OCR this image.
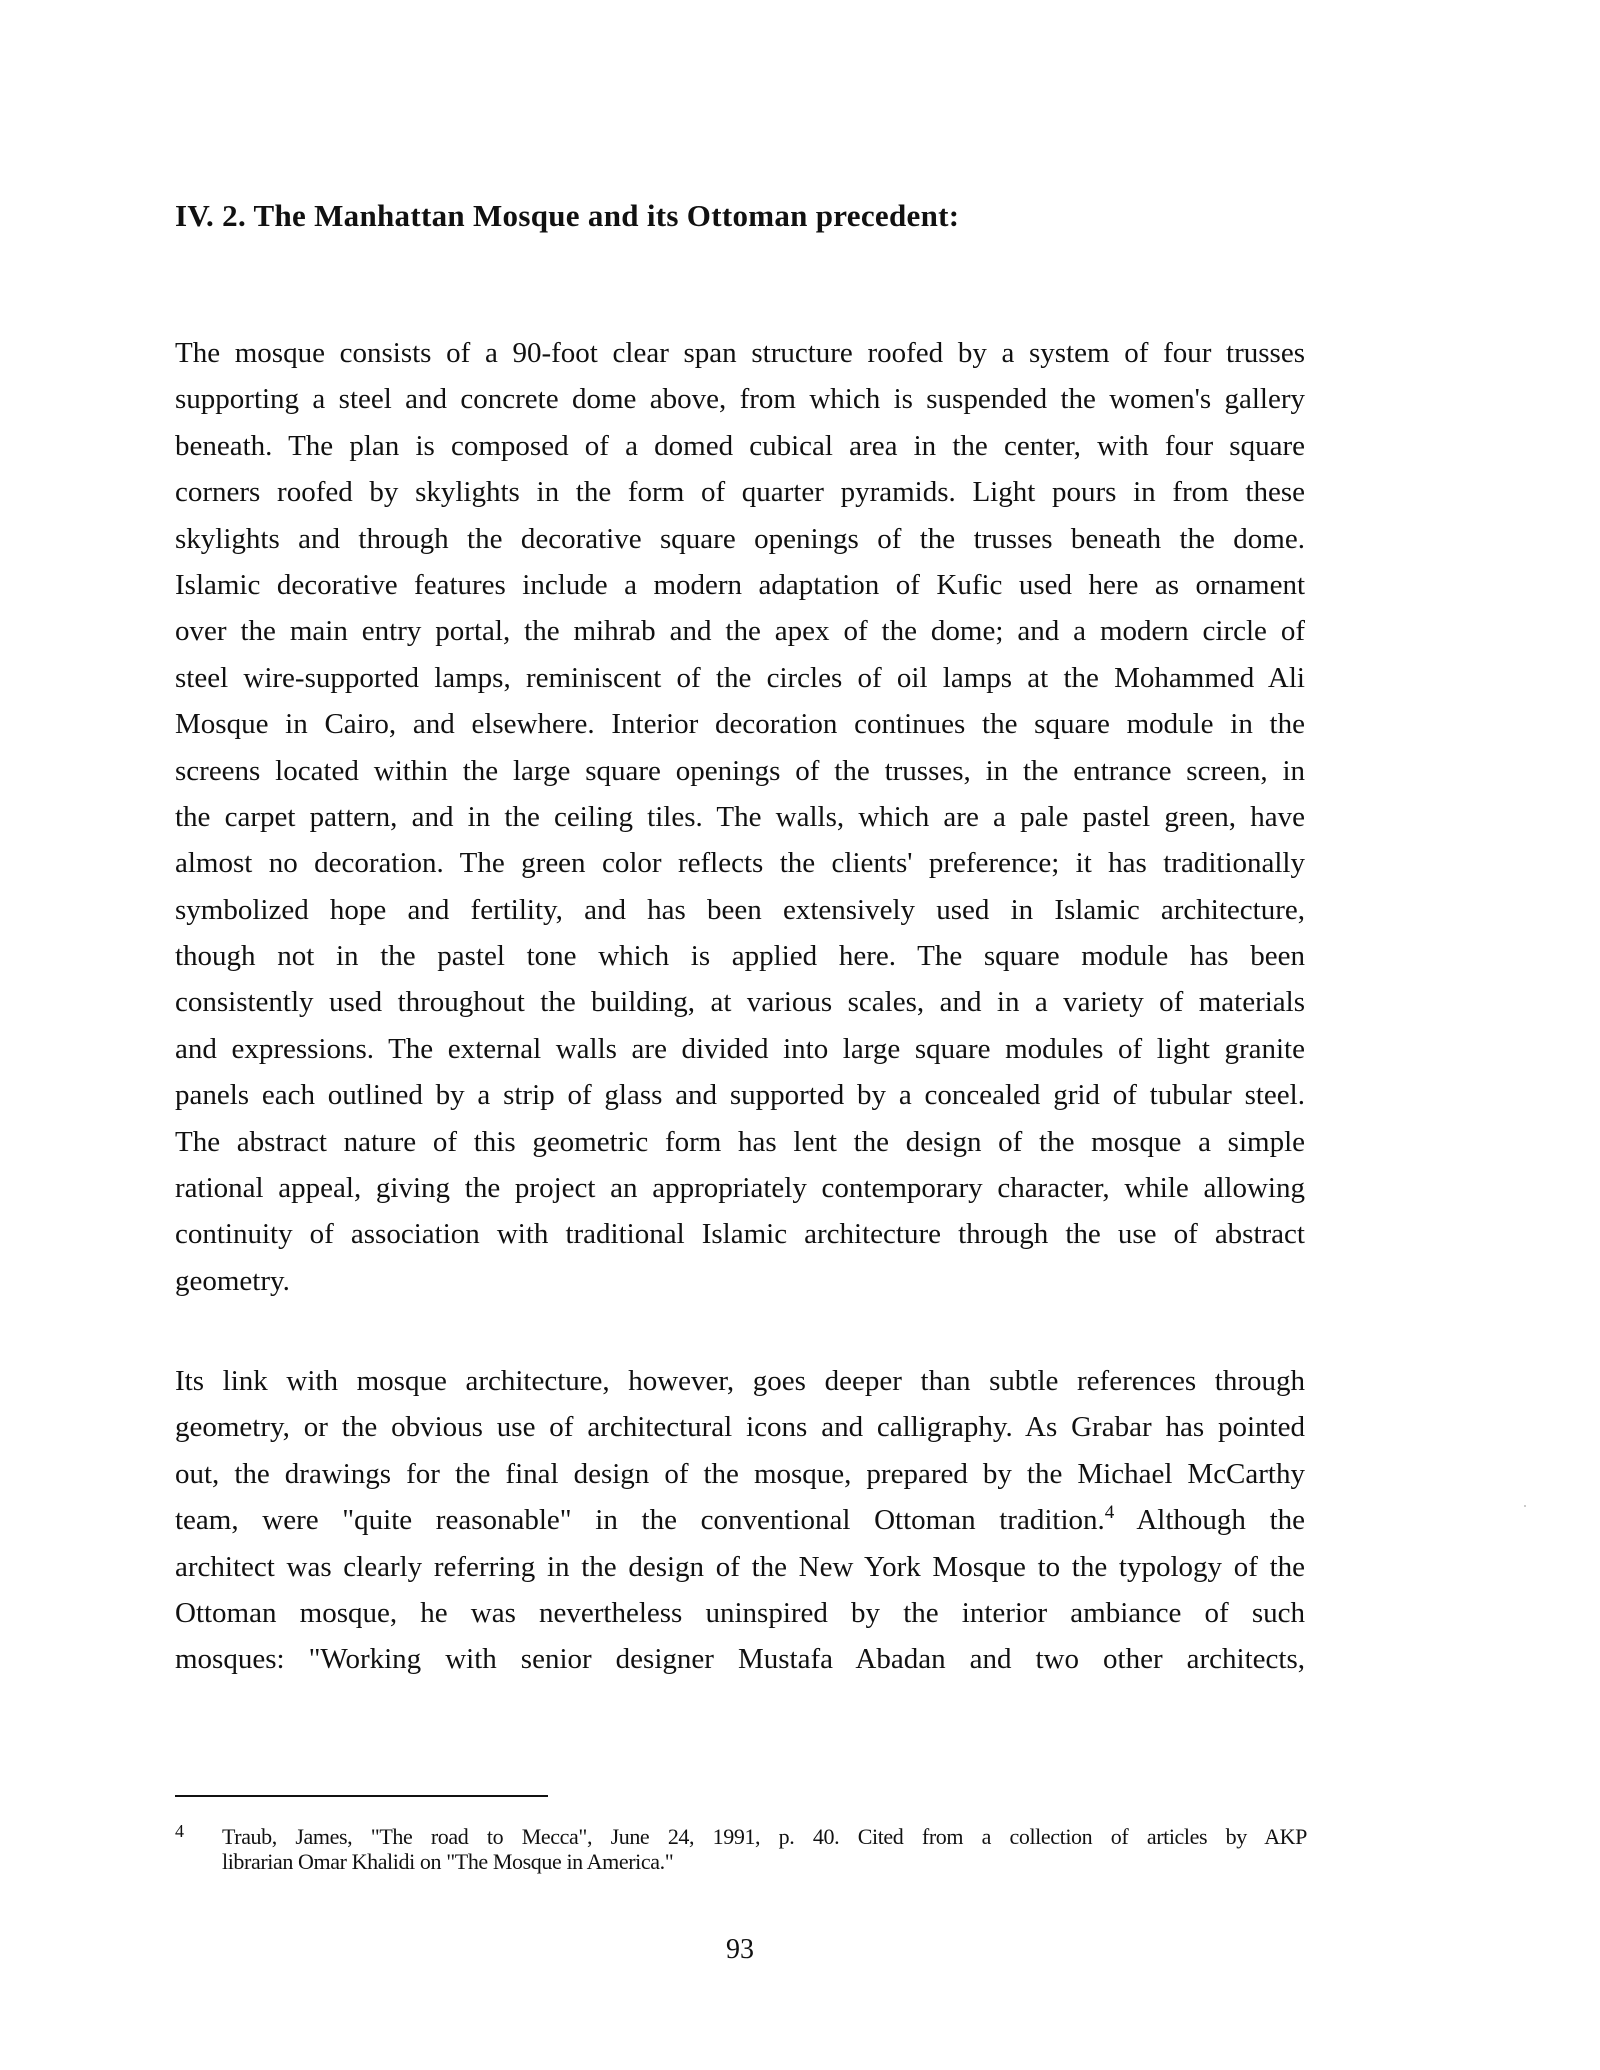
IV. 2. The Manhattan Mosque and its Ottoman precedent:
The mosque consists of a 90-foot clear span structure roofed by a system of four trusses
supporting a steel and concrete dome above, from which is suspended the women's gallery
beneath. The plan is composed of a domed cubical area in the center, with four square
corners roofed by skylights in the form of quarter pyramids. Light pours in from these
skylights and through the decorative square openings of the trusses beneath the dome.
Islamic decorative features include a modern adaptation of Kufic used here as ornament
over the main entry portal, the mihrab and the apex of the dome; and a modern circle of
steel wire-supported lamps, reminiscent of the circles of oil lamps at the Mohammed Ali
Mosque in Cairo, and elsewhere. Interior decoration continues the square module in the
screens located within the large square openings of the trusses, in the entrance screen, in
the carpet pattern, and in the ceiling tiles. The walls, which are a pale pastel green, have
almost no decoration. The green color reflects the clients' preference; it has traditionally
symbolized hope and fertility, and has been extensively used in Islamic architecture,
though not in the pastel tone which is applied here. The square module has been
consistently used throughout the building, at various scales, and in a variety of materials
and expressions. The external walls are divided into large square modules of light granite
panels each outlined by a strip of glass and supported by a concealed grid of tubular steel.
The abstract nature of this geometric form has lent the design of the mosque a simple
rational appeal, giving the project an appropriately contemporary character, while allowing
continuity of association with traditional Islamic architecture through the use of abstract
geometry.
Its link with mosque architecture, however, goes deeper than subtle references through
geometry, or the obvious use of architectural icons and calligraphy. As Grabar has pointed
out, the drawings for the final design of the mosque, prepared by the Michael McCarthy
team, were "quite reasonable" in the conventional Ottoman tradition.$^4$ Although the
architect was clearly referring in the design of the New York Mosque to the typology of the
Ottoman mosque, he was nevertheless uninspired by the interior ambiance of such
mosques: "Working with senior designer Mustafa Abadan and two other architects,
4 Traub, James, "The road to Mecca", June 24, 1991, p. 40. Cited from a collection of articles by AKP
librarian Omar Khalidi on "The Mosque in America."
93
